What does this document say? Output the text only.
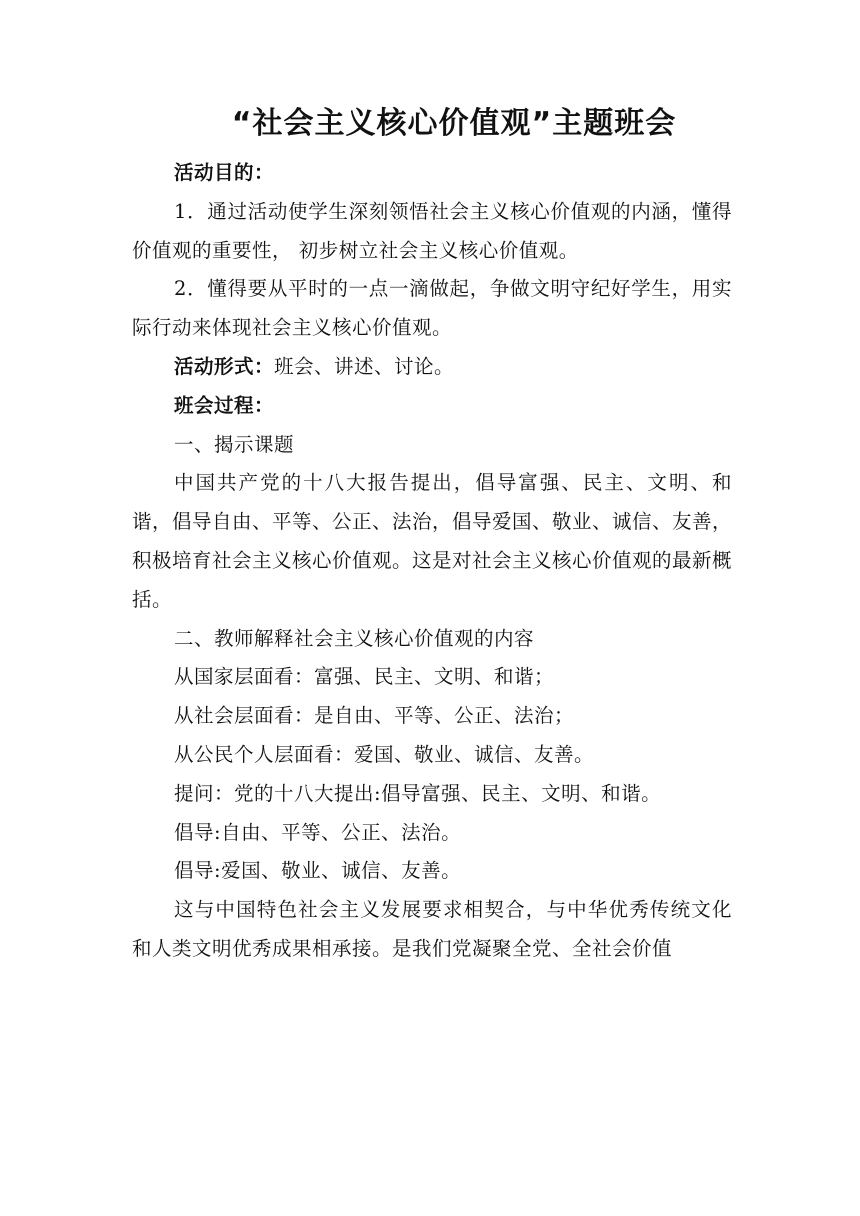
“社会主义核心价值观”主题班会

活动目的：

1．通过活动使学生深刻领悟社会主义核心价值观的内涵，懂得价值观的重要性， 初步树立社会主义核心价值观。

2．懂得要从平时的一点一滴做起，争做文明守纪好学生，用实际行动来体现社会主义核心价值观。

活动形式：班会、讲述、讨论。

班会过程：

一、揭示课题

中国共产党的十八大报告提出，倡导富强、民主、文明、和谐，倡导自由、平等、公正、法治，倡导爱国、敬业、诚信、友善，积极培育社会主义核心价值观。这是对社会主义核心价值观的最新概括。

二、教师解释社会主义核心价值观的内容

从国家层面看：富强、民主、文明、和谐；

从社会层面看：是自由、平等、公正、法治；

从公民个人层面看：爱国、敬业、诚信、友善。

提问：党的十八大提出:倡导富强、民主、文明、和谐。

倡导:自由、平等、公正、法治。

倡导:爱国、敬业、诚信、友善。

这与中国特色社会主义发展要求相契合，与中华优秀传统文化和人类文明优秀成果相承接。是我们党凝聚全党、全社会价值
